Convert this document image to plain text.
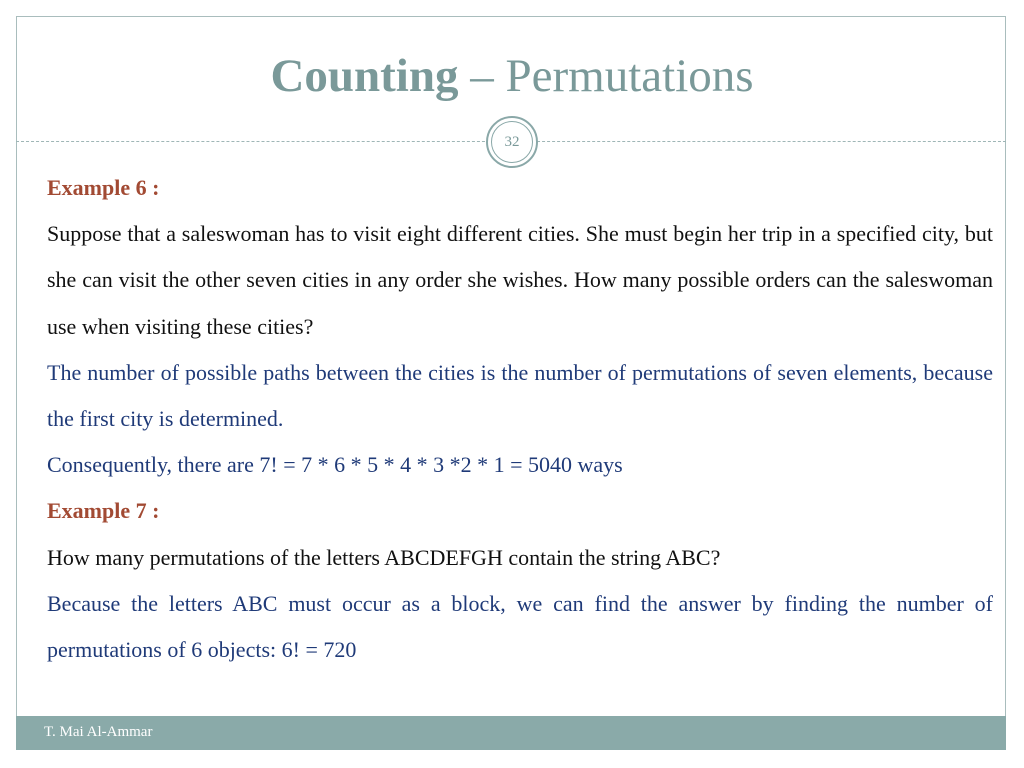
Counting – Permutations
32

Example 6 :

Suppose that a saleswoman has to visit eight different cities. She must begin her trip in a specified city, but she can visit the other seven cities in any order she wishes. How many possible orders can the saleswoman use when visiting these cities?

The number of possible paths between the cities is the number of permutations of seven elements, because the first city is determined.

Consequently, there are 7! = 7 * 6 * 5 * 4 * 3 *2 * 1 = 5040 ways

Example 7 :

How many permutations of the letters ABCDEFGH contain the string ABC?

Because the letters ABC must occur as a block, we can find the answer by finding the number of permutations of 6 objects: 6! = 720

T. Mai Al-Ammar
